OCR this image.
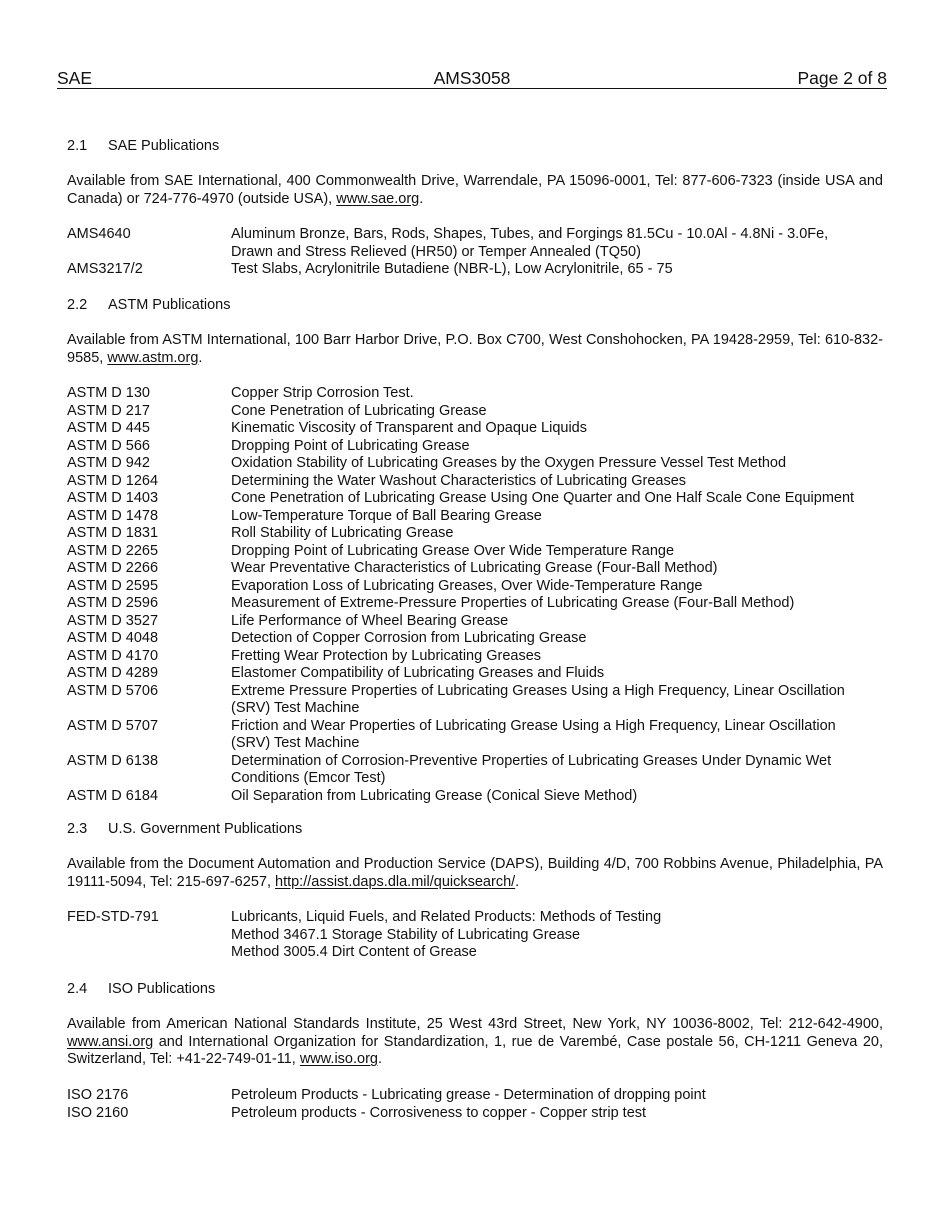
AMS3058
SAE	Page 2 of 8
2.1 SAE Publications
Available from SAE International, 400 Commonwealth Drive, Warrendale, PA 15096-0001, Tel: 877-606-7323 (inside USA and Canada) or 724-776-4970 (outside USA), www.sae.org.
AMS4640	Aluminum Bronze, Bars, Rods, Shapes, Tubes, and Forgings 81.5Cu - 10.0Al - 4.8Ni - 3.0Fe,
Drawn and Stress Relieved (HR50) or Temper Annealed (TQ50)
AMS3217/2	Test Slabs, Acrylonitrile Butadiene (NBR-L), Low Acrylonitrile, 65 - 75
2.2 ASTM Publications
Available from ASTM International, 100 Barr Harbor Drive, P.O. Box C700, West Conshohocken, PA 19428-2959, Tel: 610-832-9585, www.astm.org.
ASTM D 130	Copper Strip Corrosion Test.
ASTM D 217	Cone Penetration of Lubricating Grease
ASTM D 445	Kinematic Viscosity of Transparent and Opaque Liquids
ASTM D 566	Dropping Point of Lubricating Grease
ASTM D 942	Oxidation Stability of Lubricating Greases by the Oxygen Pressure Vessel Test Method
ASTM D 1264	Determining the Water Washout Characteristics of Lubricating Greases
ASTM D 1403	Cone Penetration of Lubricating Grease Using One Quarter and One Half Scale Cone Equipment
ASTM D 1478	Low-Temperature Torque of Ball Bearing Grease
ASTM D 1831	Roll Stability of Lubricating Grease
ASTM D 2265	Dropping Point of Lubricating Grease Over Wide Temperature Range
ASTM D 2266	Wear Preventative Characteristics of Lubricating Grease (Four-Ball Method)
ASTM D 2595	Evaporation Loss of Lubricating Greases, Over Wide-Temperature Range
ASTM D 2596	Measurement of Extreme-Pressure Properties of Lubricating Grease (Four-Ball Method)
ASTM D 3527	Life Performance of Wheel Bearing Grease
ASTM D 4048	Detection of Copper Corrosion from Lubricating Grease
ASTM D 4170	Fretting Wear Protection by Lubricating Greases
ASTM D 4289	Elastomer Compatibility of Lubricating Greases and Fluids
ASTM D 5706	Extreme Pressure Properties of Lubricating Greases Using a High Frequency, Linear Oscillation
(SRV) Test Machine
ASTM D 5707	Friction and Wear Properties of Lubricating Grease Using a High Frequency, Linear Oscillation
(SRV) Test Machine
ASTM D 6138	Determination of Corrosion-Preventive Properties of Lubricating Greases Under Dynamic Wet
Conditions (Emcor Test)
ASTM D 6184	Oil Separation from Lubricating Grease (Conical Sieve Method)
2.3 U.S. Government Publications
Available from the Document Automation and Production Service (DAPS), Building 4/D, 700 Robbins Avenue, Philadelphia, PA 19111-5094, Tel: 215-697-6257, http://assist.daps.dla.mil/quicksearch/.
FED-STD-791	Lubricants, Liquid Fuels, and Related Products: Methods of Testing
Method 3467.1 Storage Stability of Lubricating Grease
Method 3005.4 Dirt Content of Grease
2.4 ISO Publications
Available from American National Standards Institute, 25 West 43rd Street, New York, NY 10036-8002, Tel: 212-642-4900, www.ansi.org and International Organization for Standardization, 1, rue de Varembé, Case postale 56, CH-1211 Geneva 20, Switzerland, Tel: +41-22-749-01-11, www.iso.org.
ISO 2176	Petroleum Products - Lubricating grease - Determination of dropping point
ISO 2160	Petroleum products - Corrosiveness to copper - Copper strip test
